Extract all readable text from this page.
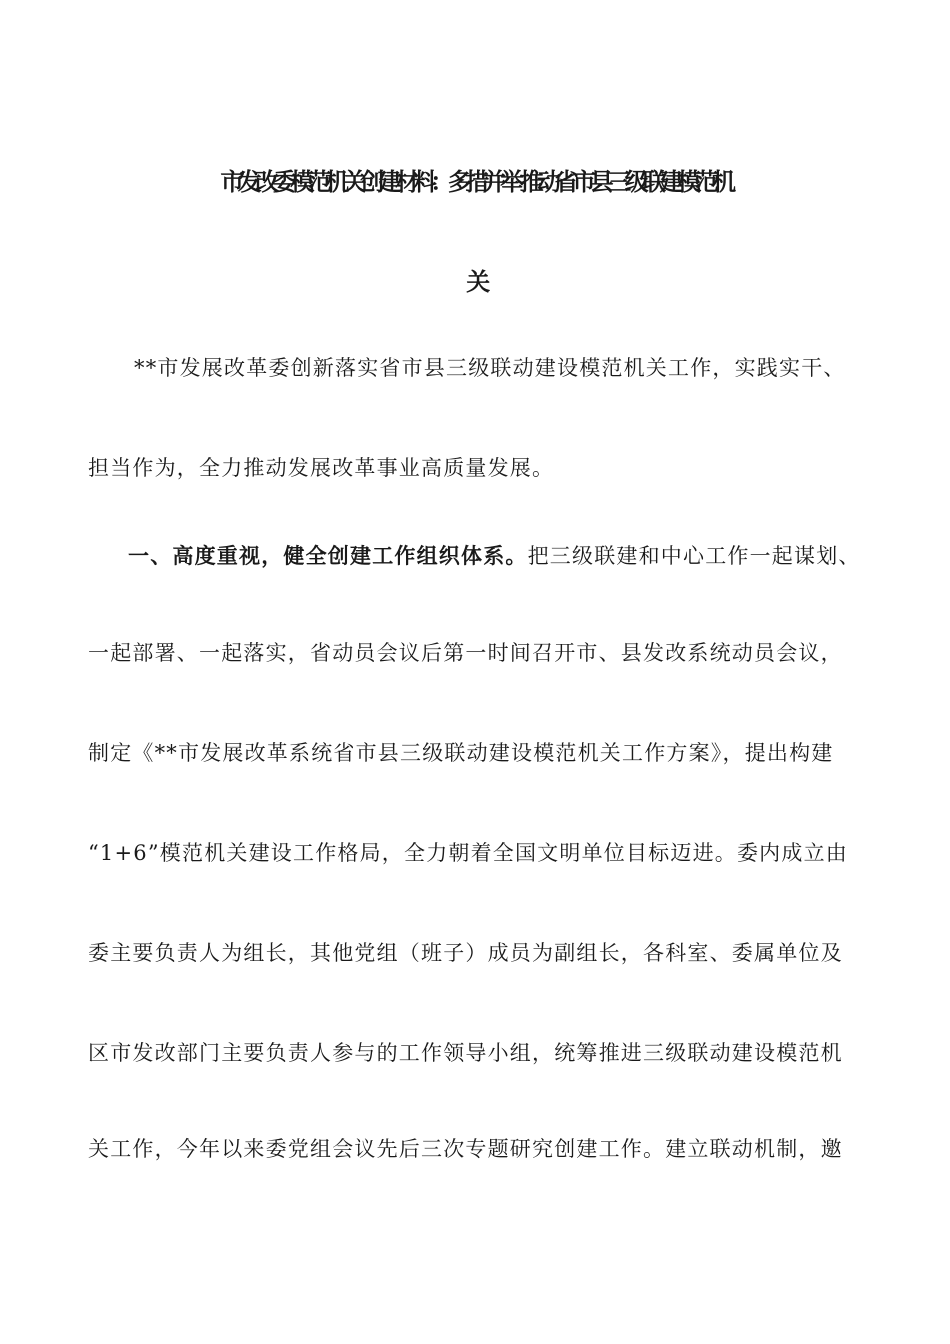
市发改委模范机关创建材料：多措并举 推动省市县三级联建模范机
关
**市发展改革委创新落实省市县三级联动建设模范机关工作，实践实干、
担当作为，全力推动发展改革事业高质量发展。
一、高度重视，健全创建工作组织体系。把三级联建和中心工作一起谋划、
一起部署、一起落实，省动员会议后第一时间召开市、县发改系统动员会议，
制定《**市发展改革系统省市县三级联动建设模范机关工作方案》，提出构建
“1+6”模范机关建设工作格局，全力朝着全国文明单位目标迈进。委内成立由
委主要负责人为组长，其他党组（班子）成员为副组长，各科室、委属单位及
区市发改部门主要负责人参与的工作领导小组，统筹推进三级联动建设模范机
关工作，今年以来委党组会议先后三次专题研究创建工作。建立联动机制，邀
